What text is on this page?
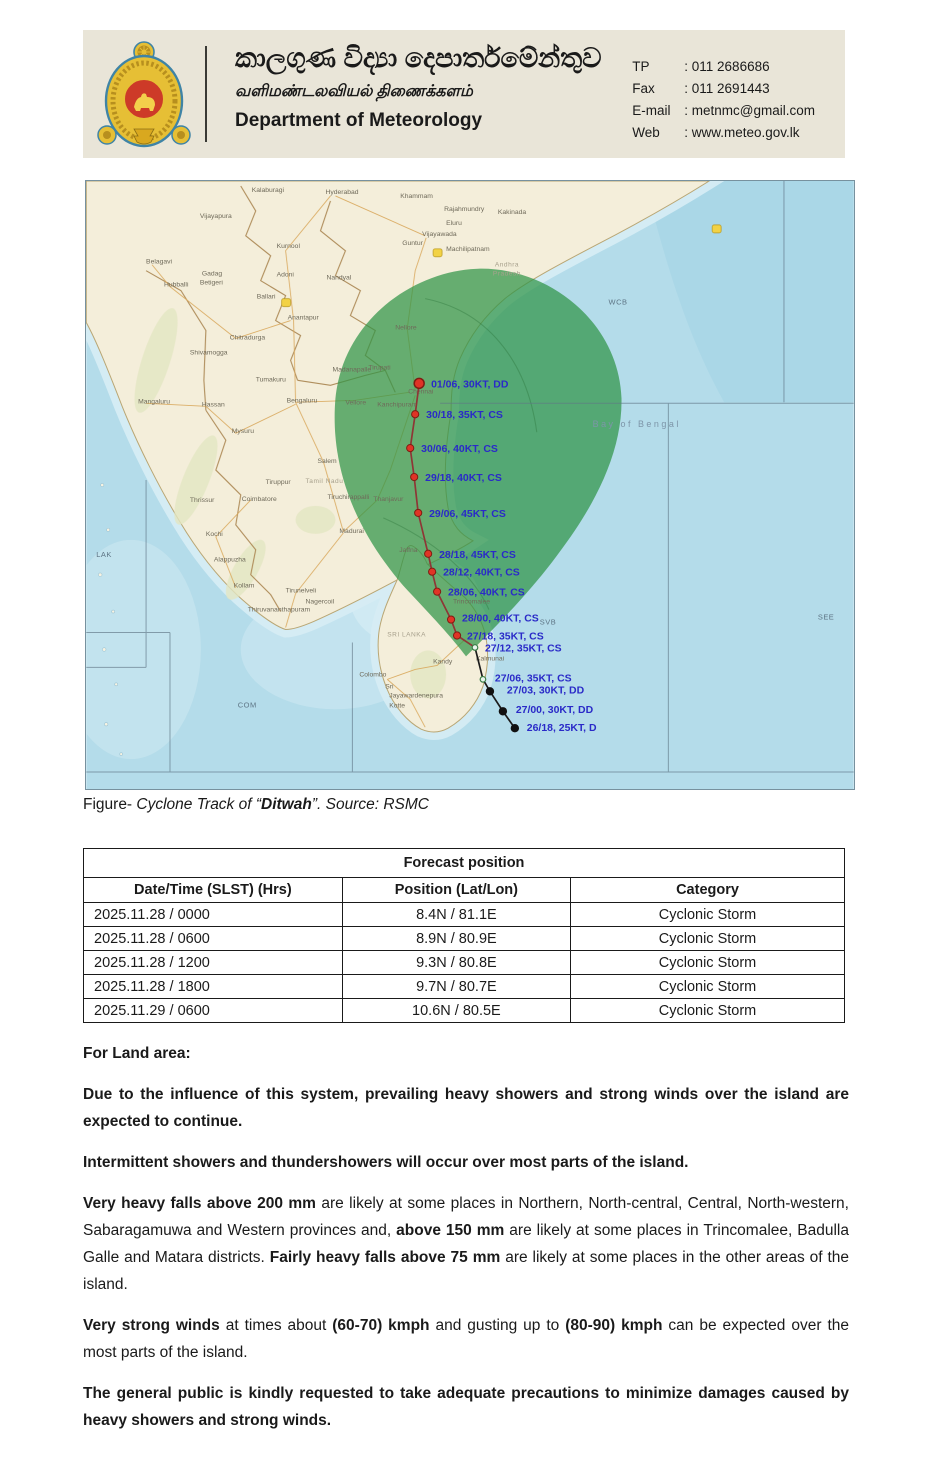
කාලගුණ විද්‍යා දෙපාර්තමේන්තුව
வளிமண்டலவியல் திணைக்களம்
Department of Meteorology
TP	: 011 2686686
Fax	: 011 2691443
E-mail	: metnmc@gmail.com
Web	: www.meteo.gov.lk
Hyderabad
Kalaburagi
Khammam
Rajahmundry Kakinada
Eluru
Vijayawada
Guntur
Machilipatnam
Vijayapura
Kurnool
Nandyal
Belagavi
Gadag
Betigeri
Hubballi
Adoni
Ballari
Anantapur
Chitradurga
Shivamogga
Madanapalle
Tirupati
Nellore
Tumakuru
Bengaluru
Hassan
Mangaluru
Mysuru
Salem
Vellore Kanchipuram
Chennai
Coimbatore
Tiruppur
Tiruchirappalli Thanjavur
Madurai
Thrissur
Kochi
Alappuzha
Kollam
Tirunelveli
Nagercoil
Thiruvananthapuram
Jaffna
Trincomalee
Kalmunai
Kandy
Colombo
Sri
Jayawardenepura
Kotte
Andhra
Pradesh
Tamil Nadu
SRI LANKA
WCB
SVB
SEE
LAK
COM
Bay of Bengal
26/18, 25KT, D
27/00, 30KT, DD
27/03, 30KT, DD
27/06, 35KT, CS
27/12, 35KT, CS
27/18, 35KT, CS
28/00, 40KT, CS
28/06, 40KT, CS
28/12, 40KT, CS
28/18, 45KT, CS
29/06, 45KT, CS
29/18, 40KT, CS
30/06, 40KT, CS
30/18, 35KT, CS
01/06, 30KT, DD
Figure- Cyclone Track of “Ditwah”. Source: RSMC
Forecast position		
Date/Time (SLST) (Hrs)	Position (Lat/Lon)	Category
2025.11.28 / 0000	8.4N / 81.1E	Cyclonic Storm
2025.11.28 / 0600	8.9N / 80.9E	Cyclonic Storm
2025.11.28 / 1200	9.3N / 80.8E	Cyclonic Storm
2025.11.28 / 1800	9.7N / 80.7E	Cyclonic Storm
2025.11.29 / 0600	10.6N / 80.5E	Cyclonic Storm

For Land area:

Due to the influence of this system, prevailing heavy showers and strong winds over the island are expected to continue.

Intermittent showers and thundershowers will occur over most parts of the island.

Very heavy falls above 200 mm are likely at some places in Northern, North-central, Central, North-western, Sabaragamuwa and Western provinces and, above 150 mm are likely at some places in Trincomalee, Badulla Galle and Matara districts. Fairly heavy falls above 75 mm are likely at some places in the other areas of the island.

Very strong winds at times about (60-70) kmph and gusting up to (80-90) kmph can be expected over the most parts of the island.

The general public is kindly requested to take adequate precautions to minimize damages caused by heavy showers and strong winds.
